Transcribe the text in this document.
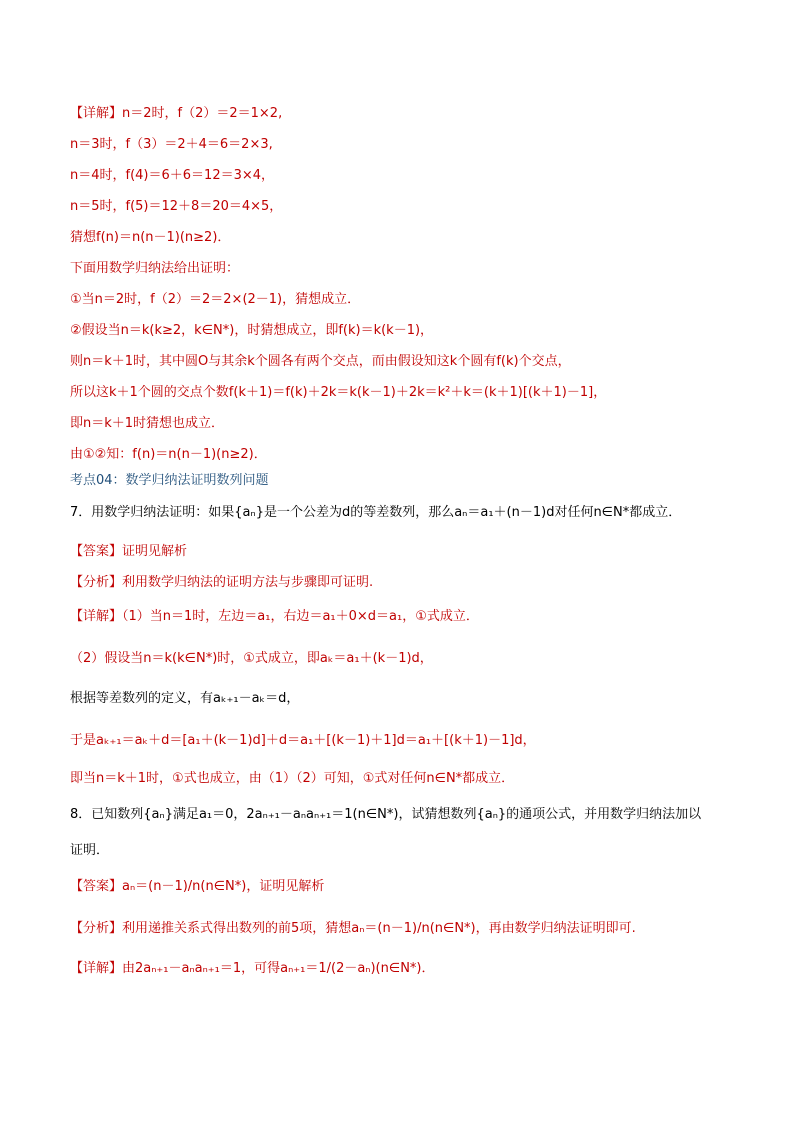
【详解】n＝2时，f（2）＝2＝1×2,
n＝3时，f（3）＝2＋4＝6＝2×3,
n＝4时，f(4)＝6＋6＝12＝3×4，
n＝5时，f(5)＝12＋8＝20＝4×5，
猜想f(n)＝n(n－1)(n≥2)．
下面用数学归纳法给出证明：
①当n＝2时，f（2）＝2＝2×(2－1)，猜想成立．
②假设当n＝k(k≥2，k∈N*)，时猜想成立，即f(k)＝k(k－1)，
则n＝k＋1时，其中圆O与其余k个圆各有两个交点，而由假设知这k个圆有f(k)个交点，
所以这k＋1个圆的交点个数f(k＋1)＝f(k)＋2k＝k(k－1)＋2k＝k²＋k＝(k＋1)[(k＋1)－1]，
即n＝k＋1时猜想也成立．
由①②知：f(n)＝n(n－1)(n≥2)．
考点04：数学归纳法证明数列问题
7．用数学归纳法证明：如果{aₙ}是一个公差为d的等差数列，那么aₙ＝a₁＋(n－1)d对任何n∈N*都成立．
【答案】证明见解析
【分析】利用数学归纳法的证明方法与步骤即可证明.
【详解】（1）当n＝1时，左边＝a₁，右边＝a₁＋0×d＝a₁，①式成立．
（2）假设当n＝k(k∈N*)时，①式成立，即aₖ＝a₁＋(k－1)d，
根据等差数列的定义，有aₖ₊₁－aₖ＝d，
于是aₖ₊₁＝aₖ＋d＝[a₁＋(k－1)d]＋d＝a₁＋[(k－1)＋1]d＝a₁＋[(k＋1)－1]d，
即当n＝k＋1时，①式也成立，由（1）（2）可知，①式对任何n∈N*都成立．
8．已知数列{aₙ}满足a₁＝0，2aₙ₊₁－aₙaₙ₊₁＝1(n∈N*)，试猜想数列{aₙ}的通项公式，并用数学归纳法加以
证明．
【答案】aₙ＝(n－1)/n(n∈N*)，证明见解析
【分析】利用递推关系式得出数列的前5项，猜想aₙ＝(n－1)/n(n∈N*)，再由数学归纳法证明即可.
【详解】由2aₙ₊₁－aₙaₙ₊₁＝1，可得aₙ₊₁＝1/(2－aₙ)(n∈N*)．
